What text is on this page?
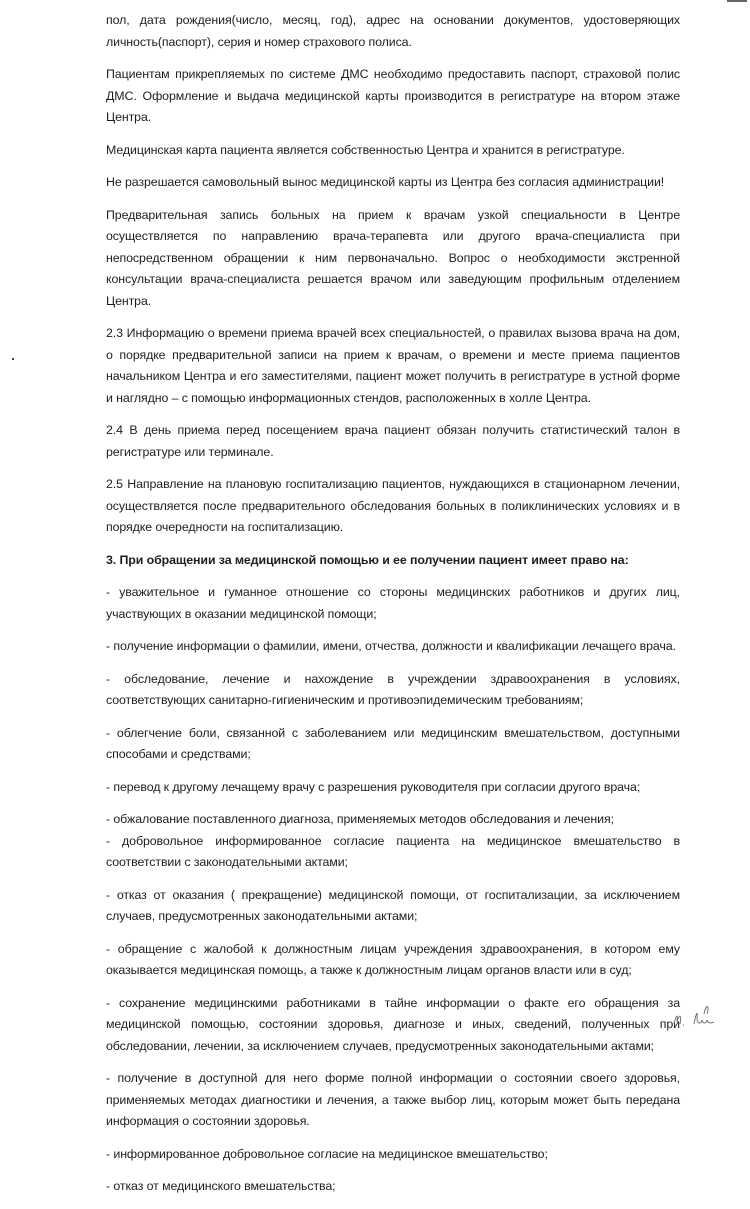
пол, дата рождения(число, месяц, год), адрес на основании документов, удостоверяющих личность(паспорт), серия и номер страхового полиса.

Пациентам прикрепляемых по системе ДМС необходимо предоставить паспорт, страховой полис ДМС. Оформление и выдача медицинской карты производится в регистратуре на втором этаже Центра.

Медицинская карта пациента является собственностью Центра и хранится в регистратуре.

Не разрешается самовольный вынос медицинской карты из Центра без согласия администрации!

Предварительная запись больных на прием к врачам узкой специальности в Центре осуществляется по направлению врача-терапевта или другого врача-специалиста при непосредственном обращении к ним первоначально. Вопрос о необходимости экстренной консультации врача-специалиста решается врачом или заведующим профильным отделением Центра.

2.3 Информацию о времени приема врачей всех специальностей, о правилах вызова врача на дом, о порядке предварительной записи на прием к врачам, о времени и месте приема пациентов начальником Центра и его заместителями, пациент может получить в регистратуре в устной форме и наглядно – с помощью информационных стендов, расположенных в холле Центра.

2.4 В день приема перед посещением врача пациент обязан получить статистический талон в регистратуре или терминале.

2.5 Направление на плановую госпитализацию пациентов, нуждающихся в стационарном лечении, осуществляется после предварительного обследования больных в поликлинических условиях и в порядке очередности на госпитализацию.

3. При обращении за медицинской помощью и ее получении пациент имеет право на:

- уважительное и гуманное отношение со стороны медицинских работников и других лиц, участвующих в оказании медицинской помощи;

- получение информации о фамилии, имени, отчества, должности и квалификации лечащего врача.

- обследование, лечение и нахождение в учреждении здравоохранения в условиях, соответствующих санитарно-гигиеническим и противоэпидемическим требованиям;

- облегчение боли, связанной с заболеванием или медицинским вмешательством, доступными способами и средствами;

- перевод к другому лечащему врачу с разрешения руководителя при согласии другого врача;

- обжалование поставленного диагноза, применяемых методов обследования и лечения;

- добровольное информированное согласие пациента на медицинское вмешательство в соответствии с законодательными актами;

- отказ от оказания ( прекращение) медицинской помощи, от госпитализации, за исключением случаев, предусмотренных законодательными актами;

- обращение с жалобой к должностным лицам учреждения здравоохранения, в котором ему оказывается медицинская помощь, а также к должностным лицам органов власти или в суд;

- сохранение медицинскими работниками в тайне информации о факте его обращения за медицинской помощью, состоянии здоровья, диагнозе и иных, сведений, полученных при обследовании, лечении, за исключением случаев, предусмотренных законодательными актами;

- получение в доступной для него форме полной информации о состоянии своего здоровья, применяемых методах диагностики и лечения, а также выбор лиц, которым может быть передана информация о состоянии здоровья.

- информированное добровольное согласие на медицинское вмешательство;

- отказ от медицинского вмешательства;
